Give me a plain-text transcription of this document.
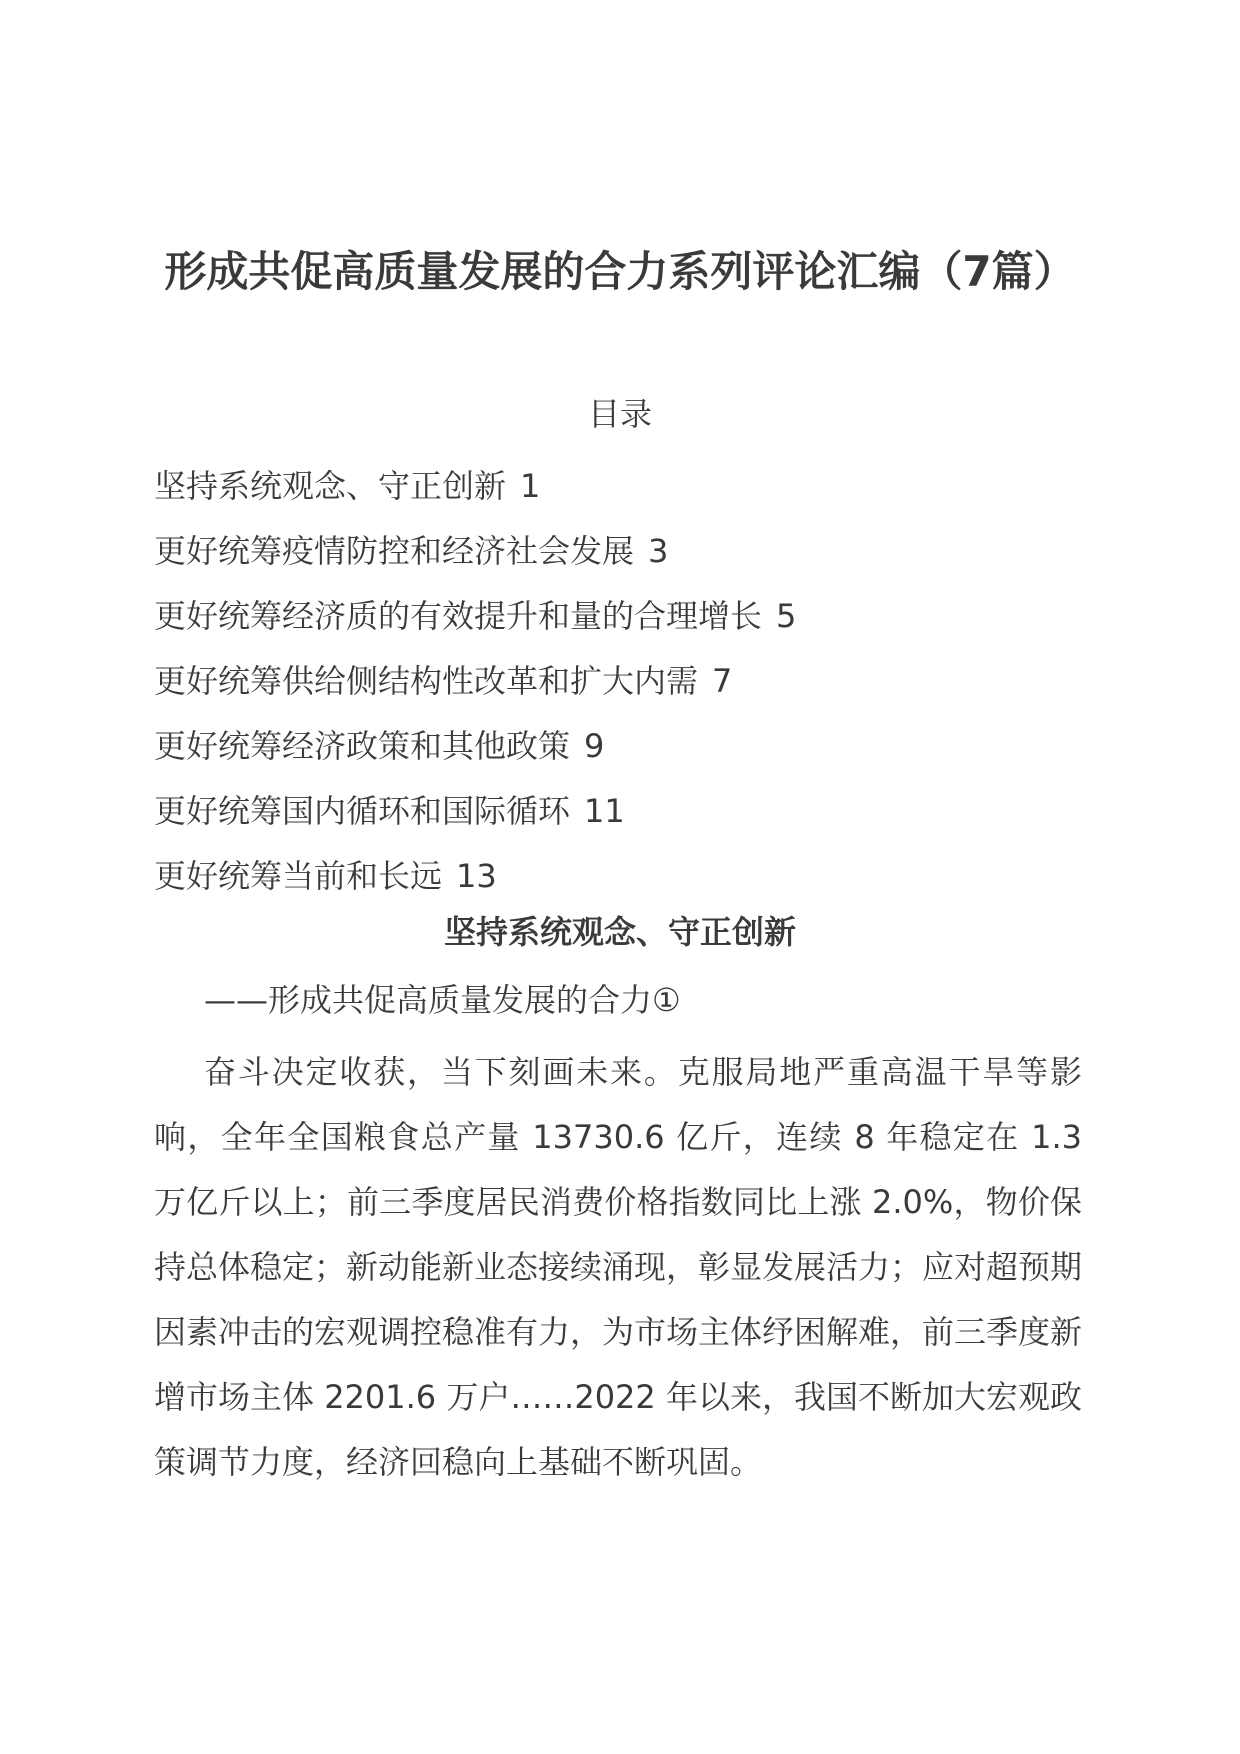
形成共促高质量发展的合力系列评论汇编（7篇）
目录
坚持系统观念、守正创新 1
更好统筹疫情防控和经济社会发展 3
更好统筹经济质的有效提升和量的合理增长 5
更好统筹供给侧结构性改革和扩大内需 7
更好统筹经济政策和其他政策 9
更好统筹国内循环和国际循环 11
更好统筹当前和长远 13
坚持系统观念、守正创新
——形成共促高质量发展的合力①

奋斗决定收获，当下刻画未来。克服局地严重高温干旱等影响，全年全国粮食总产量 13730.6 亿斤，连续 8 年稳定在 1.3 万亿斤以上；前三季度居民消费价格指数同比上涨 2.0%，物价保持总体稳定；新动能新业态接续涌现，彰显发展活力；应对超预期因素冲击的宏观调控稳准有力，为市场主体纾困解难，前三季度新增市场主体 2201.6 万户……2022 年以来，我国不断加大宏观政策调节力度，经济回稳向上基础不断巩固。
